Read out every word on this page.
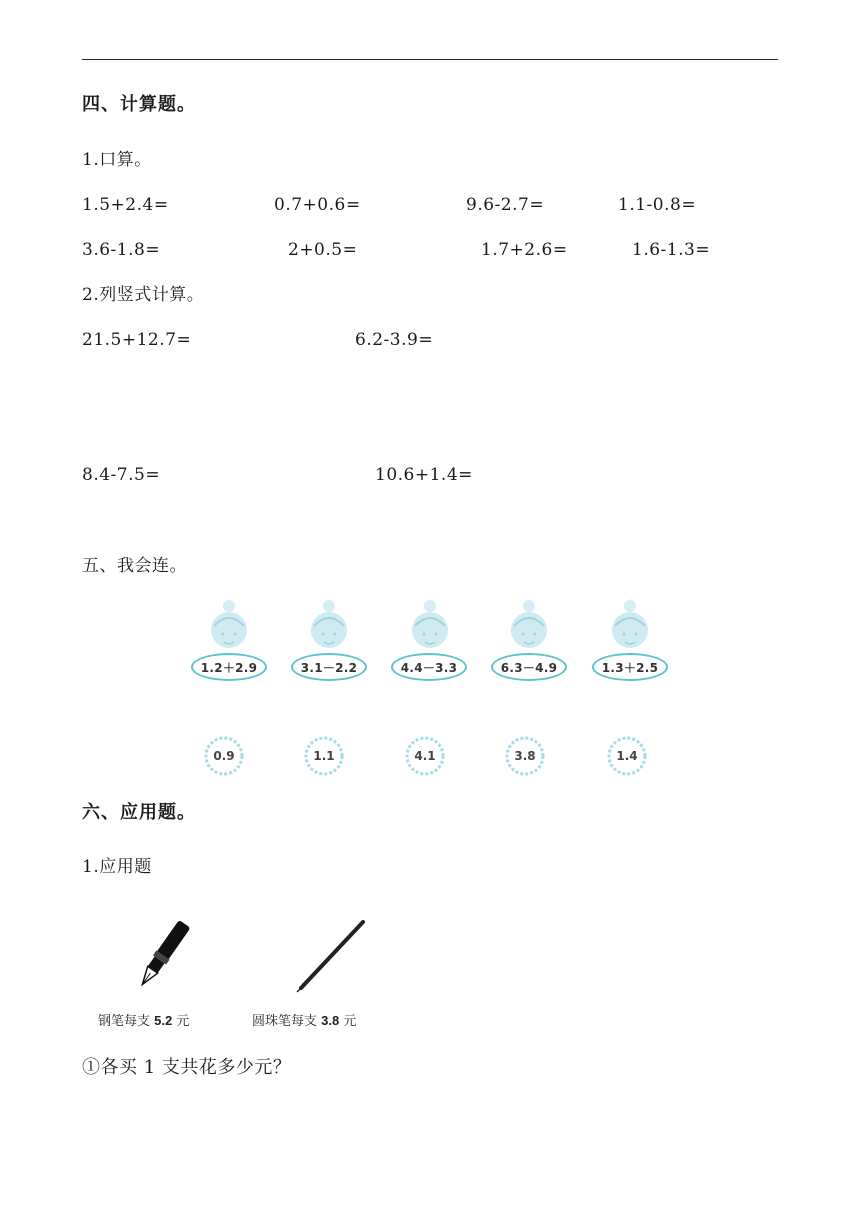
四、计算题。
1.口算。
1.5+2.4=	0.7+0.6=	9.6-2.7=	1.1-0.8=
3.6-1.8=	2+0.5=	1.7+2.6=	1.6-1.3=
2.列竖式计算。
21.5+12.7=	6.2-3.9=
8.4-7.5=	10.6+1.4=
五、我会连。
1.2＋2.9	3.1－2.2	4.4－3.3	6.3－4.9	1.3＋2.5
0.9	1.1	4.1	3.8	1.4
六、应用题。
1.应用题
钢笔每支 5.2 元	圆珠笔每支 3.8 元
①各买 1 支共花多少元？
